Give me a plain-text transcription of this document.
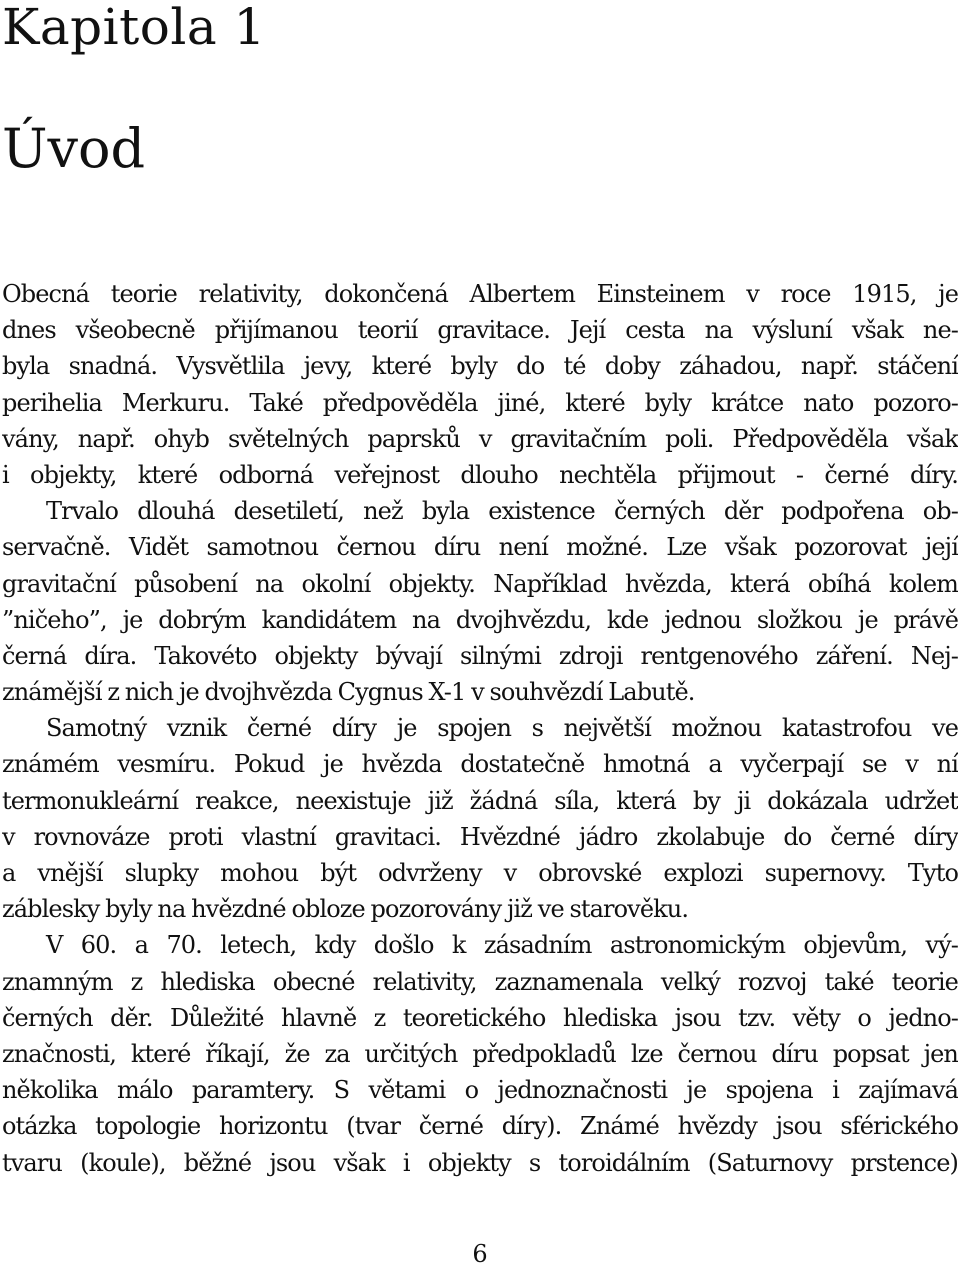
Kapitola 1
Úvod
Obecná teorie relativity, dokončená Albertem Einsteinem v roce 1915, je
dnes všeobecně přijímanou teorií gravitace. Její cesta na výsluní však ne-
byla snadná. Vysvětlila jevy, které byly do té doby záhadou, např. stáčení
perihelia Merkuru. Také předpověděla jiné, které byly krátce nato pozoro-
vány, např. ohyb světelných paprsků v gravitačním poli. Předpověděla však
i objekty, které odborná veřejnost dlouho nechtěla přijmout - černé díry.
Trvalo dlouhá desetiletí, než byla existence černých děr podpořena ob-
servačně. Vidět samotnou černou díru není možné. Lze však pozorovat její
gravitační působení na okolní objekty. Například hvězda, která obíhá kolem
”ničeho”, je dobrým kandidátem na dvojhvězdu, kde jednou složkou je právě
černá díra. Takovéto objekty bývají silnými zdroji rentgenového záření. Nej-
známější z nich je dvojhvězda Cygnus X-1 v souhvězdí Labutě.
Samotný vznik černé díry je spojen s největší možnou katastrofou ve
známém vesmíru. Pokud je hvězda dostatečně hmotná a vyčerpají se v ní
termonukleární reakce, neexistuje již žádná síla, která by ji dokázala udržet
v rovnováze proti vlastní gravitaci. Hvězdné jádro zkolabuje do černé díry
a vnější slupky mohou být odvrženy v obrovské explozi supernovy. Tyto
záblesky byly na hvězdné obloze pozorovány již ve starověku.
V 60. a 70. letech, kdy došlo k zásadním astronomickým objevům, vý-
znamným z hlediska obecné relativity, zaznamenala velký rozvoj také teorie
černých děr. Důležité hlavně z teoretického hlediska jsou tzv. věty o jedno-
značnosti, které říkají, že za určitých předpokladů lze černou díru popsat jen
několika málo paramtery. S větami o jednoznačnosti je spojena i zajímavá
otázka topologie horizontu (tvar černé díry). Známé hvězdy jsou sférického
tvaru (koule), běžné jsou však i objekty s toroidálním (Saturnovy prstence)
6
